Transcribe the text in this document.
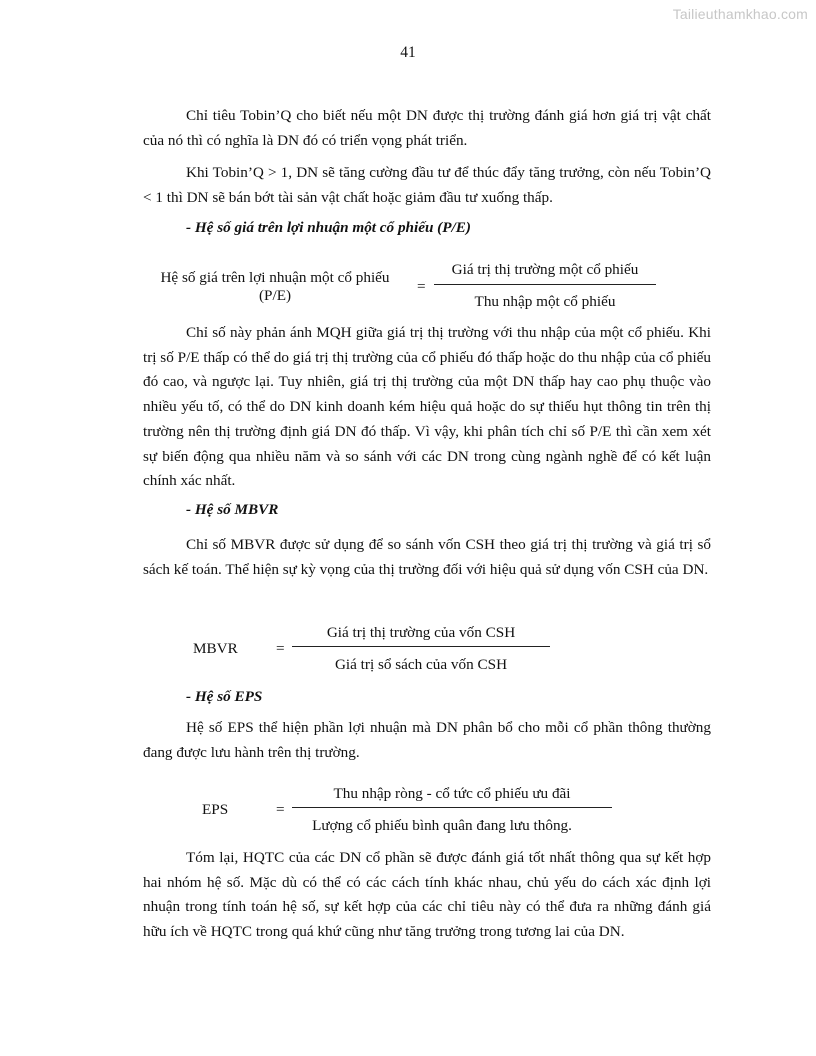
Tailieuthamkhao.com
41

Chỉ tiêu Tobin’Q cho biết nếu một DN được thị trường đánh giá hơn giá trị vật chất của nó thì có nghĩa là DN đó có triển vọng phát triển.

Khi Tobin’Q > 1, DN sẽ tăng cường đầu tư để thúc đẩy tăng trưởng, còn nếu Tobin’Q < 1 thì DN sẽ bán bớt tài sản vật chất hoặc giảm đầu tư xuống thấp.

- Hệ số giá trên lợi nhuận một cổ phiếu (P/E)

Hệ số giá trên lợi nhuận một cổ phiếu
(P/E)
=
Giá trị thị trường một cổ phiếu
Thu nhập một cổ phiếu

Chỉ số này phản ánh MQH giữa giá trị thị trường với thu nhập của một cổ phiếu. Khi trị số P/E thấp có thể do giá trị thị trường của cổ phiếu đó thấp hoặc do thu nhập của cổ phiếu đó cao, và ngược lại. Tuy nhiên, giá trị thị trường của một DN thấp hay cao phụ thuộc vào nhiều yếu tố, có thể do DN kinh doanh kém hiệu quả hoặc do sự thiếu hụt thông tin trên thị trường nên thị trường định giá DN đó thấp. Vì vậy, khi phân tích chỉ số P/E thì cần xem xét sự biến động qua nhiều năm và so sánh với các DN trong cùng ngành nghề để có kết luận chính xác nhất.

- Hệ số MBVR

Chỉ số MBVR được sử dụng để so sánh vốn CSH theo giá trị thị trường và giá trị sổ sách kế toán. Thể hiện sự kỳ vọng của thị trường đối với hiệu quả sử dụng vốn CSH của DN.

MBVR	=
Giá trị thị trường của vốn CSH
Giá trị sổ sách của vốn CSH

- Hệ số EPS

Hệ số EPS thể hiện phần lợi nhuận mà DN phân bổ cho mỗi cổ phần thông thường đang được lưu hành trên thị trường.

EPS	=
Thu nhập ròng - cổ tức cổ phiếu ưu đãi
Lượng cổ phiếu bình quân đang lưu thông.

Tóm lại, HQTC của các DN cổ phần sẽ được đánh giá tốt nhất thông qua sự kết hợp hai nhóm hệ số. Mặc dù có thể có các cách tính khác nhau, chủ yếu do cách xác định lợi nhuận trong tính toán hệ số, sự kết hợp của các chỉ tiêu này có thể đưa ra những đánh giá hữu ích về HQTC trong quá khứ cũng như tăng trưởng trong tương lai của DN.
